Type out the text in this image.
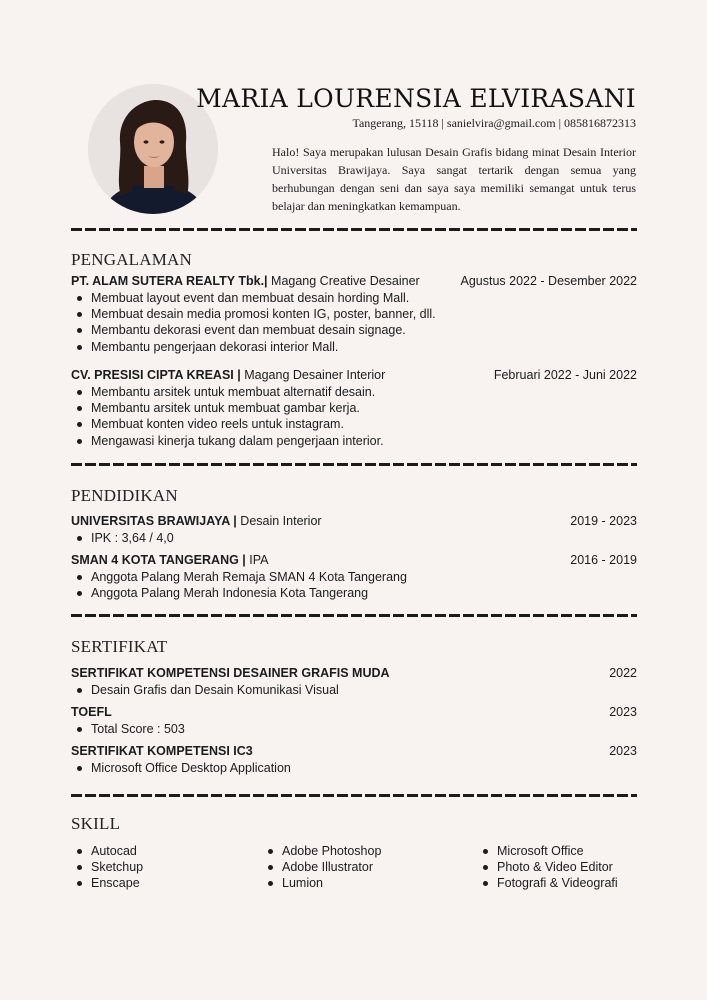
MARIA LOURENSIA ELVIRASANI
Tangerang, 15118 | sanielvira@gmail.com | 085816872313

Halo! Saya merupakan lulusan Desain Grafis bidang minat Desain Interior Universitas Brawijaya. Saya sangat tertarik dengan semua yang berhubungan dengan seni dan saya saya memiliki semangat untuk terus belajar dan meningkatkan kemampuan.

PENGALAMAN
PT. ALAM SUTERA REALTY Tbk.| Magang Creative Desainer	Agustus 2022 - Desember 2022
Membuat layout event dan membuat desain hording Mall.
Membuat desain media promosi konten IG, poster, banner, dll.
Membantu dekorasi event dan membuat desain signage.
Membantu pengerjaan dekorasi interior Mall.
CV. PRESISI CIPTA KREASI | Magang Desainer Interior	Februari 2022 - Juni 2022
Membantu arsitek untuk membuat alternatif desain.
Membantu arsitek untuk membuat gambar kerja.
Membuat konten video reels untuk instagram.
Mengawasi kinerja tukang dalam pengerjaan interior.
PENDIDIKAN
UNIVERSITAS BRAWIJAYA | Desain Interior	2019 - 2023
IPK : 3,64 / 4,0
SMAN 4 KOTA TANGERANG | IPA	2016 - 2019
Anggota Palang Merah Remaja SMAN 4 Kota Tangerang
Anggota Palang Merah Indonesia Kota Tangerang
SERTIFIKAT
SERTIFIKAT KOMPETENSI DESAINER GRAFIS MUDA	2022
Desain Grafis dan Desain Komunikasi Visual
TOEFL	2023
Total Score : 503
SERTIFIKAT KOMPETENSI IC3	2023
Microsoft Office Desktop Application
SKILL
Autocad
Sketchup
Enscape
Adobe Photoshop
Adobe Illustrator
Lumion
Microsoft Office
Photo & Video Editor
Fotografi & Videografi
